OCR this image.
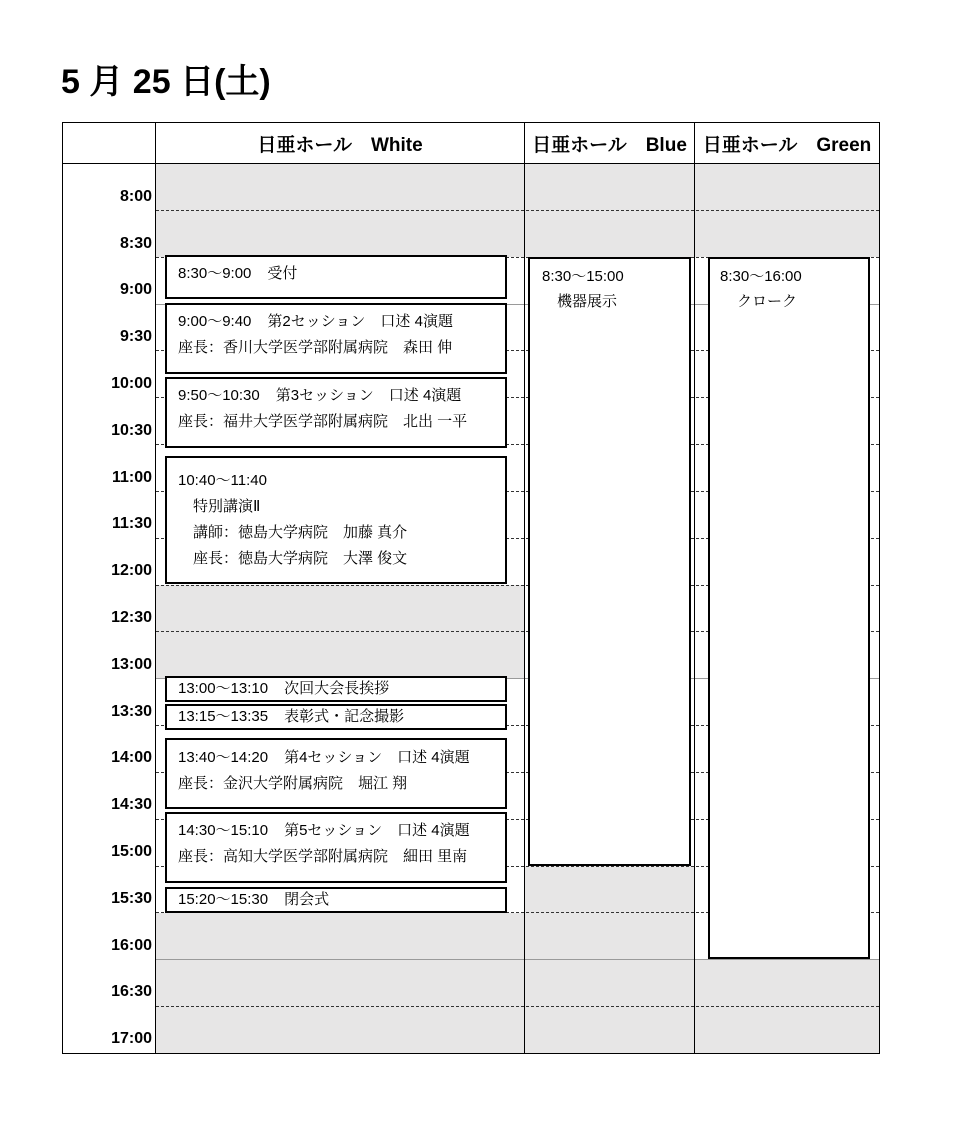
5 月 25 日(土)
日亜ホール　White	日亜ホール　Blue 日亜ホール　Green
8:00
8:30
9:00
9:30
10:00
10:30
11:00
11:30
12:00
12:30
13:00
13:30
14:00
14:30
15:00
15:30
16:00
16:30
17:00
8:30〜9:00 受付
9:00〜9:40 第2セッション　口述 4演題
座長：香川大学医学部附属病院　森田 伸
9:50〜10:30 第3セッション　口述 4演題
座長：福井大学医学部附属病院　北出 一平
10:40〜11:40
特別講演Ⅱ
講師：徳島大学病院　加藤 真介
座長：徳島大学病院　大澤 俊文
13:00〜13:10 次回大会長挨拶
13:15〜13:35 表彰式・記念撮影
13:40〜14:20 第4セッション　口述 4演題
座長：金沢大学附属病院　堀江 翔
14:30〜15:10 第5セッション　口述 4演題
座長：高知大学医学部附属病院　細田 里南
15:20〜15:30 閉会式
8:30〜15:00
機器展示
8:30〜16:00
クローク
